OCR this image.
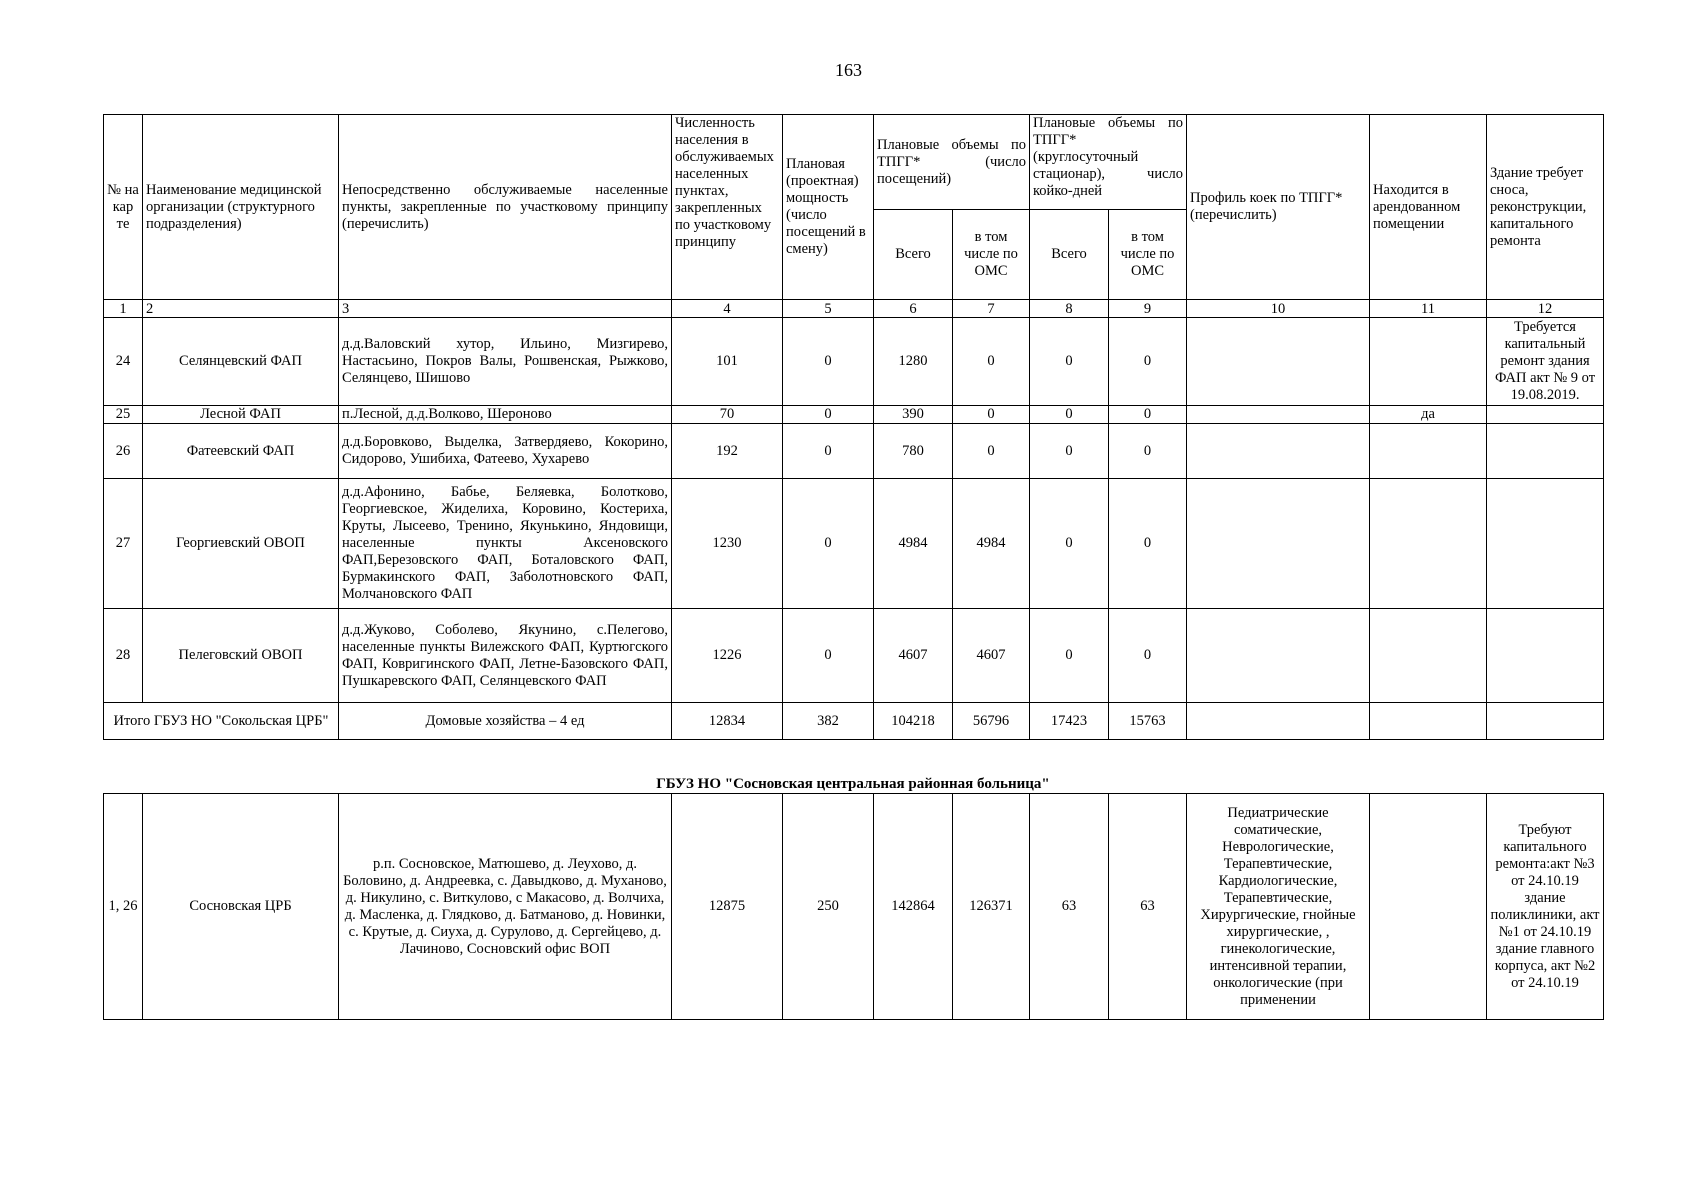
163
№ на кар те	Наименование медицинской организации (структурного подразделения)	Непосредственно обслуживаемые населенные пункты, закрепленные по участковому принципу (перечислить)	Численность населения в обслуживаемых населенных пунктах, закрепленных по участковому принципу	Плановая (проектная) мощность (число посещений в смену)	Плановые объемы по ТПГГ* (число посещений)		Плановые объемы по ТПГГ* (круглосуточный стационар), число койко-дней		Профиль коек по ТПГГ* (перечислить)	Находится в арендованном помещении	Здание требует сноса, реконструкции, капитального ремонта
					Всего	в том числе по ОМС	Всего	в том числе по ОМС			
1	2	3	4	5	6	7	8	9	10	11	12
24	Селянцевский ФАП	д.д.Валовский хутор, Ильино, Мизгирево, Настасьино, Покров Валы, Рошвенская, Рыжково, Селянцево, Шишово	101	0	1280	0	0	0			Требуется капитальный ремонт здания ФАП акт № 9 от 19.08.2019.
25	Лесной ФАП	п.Лесной, д.д.Волково, Шероново	70	0	390	0	0	0		да	
26	Фатеевский ФАП	д.д.Боровково, Выделка, Затвердяево, Кокорино, Сидорово, Ушибиха, Фатеево, Хухарево	192	0	780	0	0	0			
27	Георгиевский ОВОП	д.д.Афонино, Бабье, Беляевка, Болотково, Георгиевское, Жиделиха, Коровино, Костериха, Круты, Лысеево, Тренино, Якунькино, Яндовищи, населенные пункты Аксеновского ФАП,Березовского ФАП, Боталовского ФАП, Бурмакинского ФАП, Заболотновского ФАП, Молчановского ФАП	1230	0	4984	4984	0	0			
28	Пелеговский ОВОП	д.д.Жуково, Соболево, Якунино, с.Пелегово, населенные пункты Вилежского ФАП, Куртюгского ФАП, Ковригинского ФАП, Летне-Базовского ФАП, Пушкаревского ФАП, Селянцевского ФАП	1226	0	4607	4607	0	0			
Итого ГБУЗ НО "Сокольская ЦРБ"		Домовые хозяйства – 4 ед	12834	382	104218	56796	17423	15763			
ГБУЗ НО "Сосновская центральная районная больница"
1, 26	Сосновская ЦРБ	р.п. Сосновское, Матюшево, д. Леухово, д. Боловино, д. Андреевка, с. Давыдково, д. Муханово, д. Никулино, с. Виткулово, с Макасово, д. Волчиха, д. Масленка, д. Глядково, д. Батманово, д. Новинки, с. Крутые, д. Сиуха, д. Сурулово, д. Сергейцево, д. Лачиново, Сосновский офис ВОП	12875	250	142864	126371	63	63	Педиатрические соматические, Неврологические, Терапевтические, Кардиологические, Терапевтические, Хирургические, гнойные хирургические, , гинекологические, интенсивной терапии, онкологические (при применении		Требуют капитального ремонта:акт №3 от 24.10.19 здание поликлиники, акт №1 от 24.10.19 здание главного корпуса, акт №2 от 24.10.19
